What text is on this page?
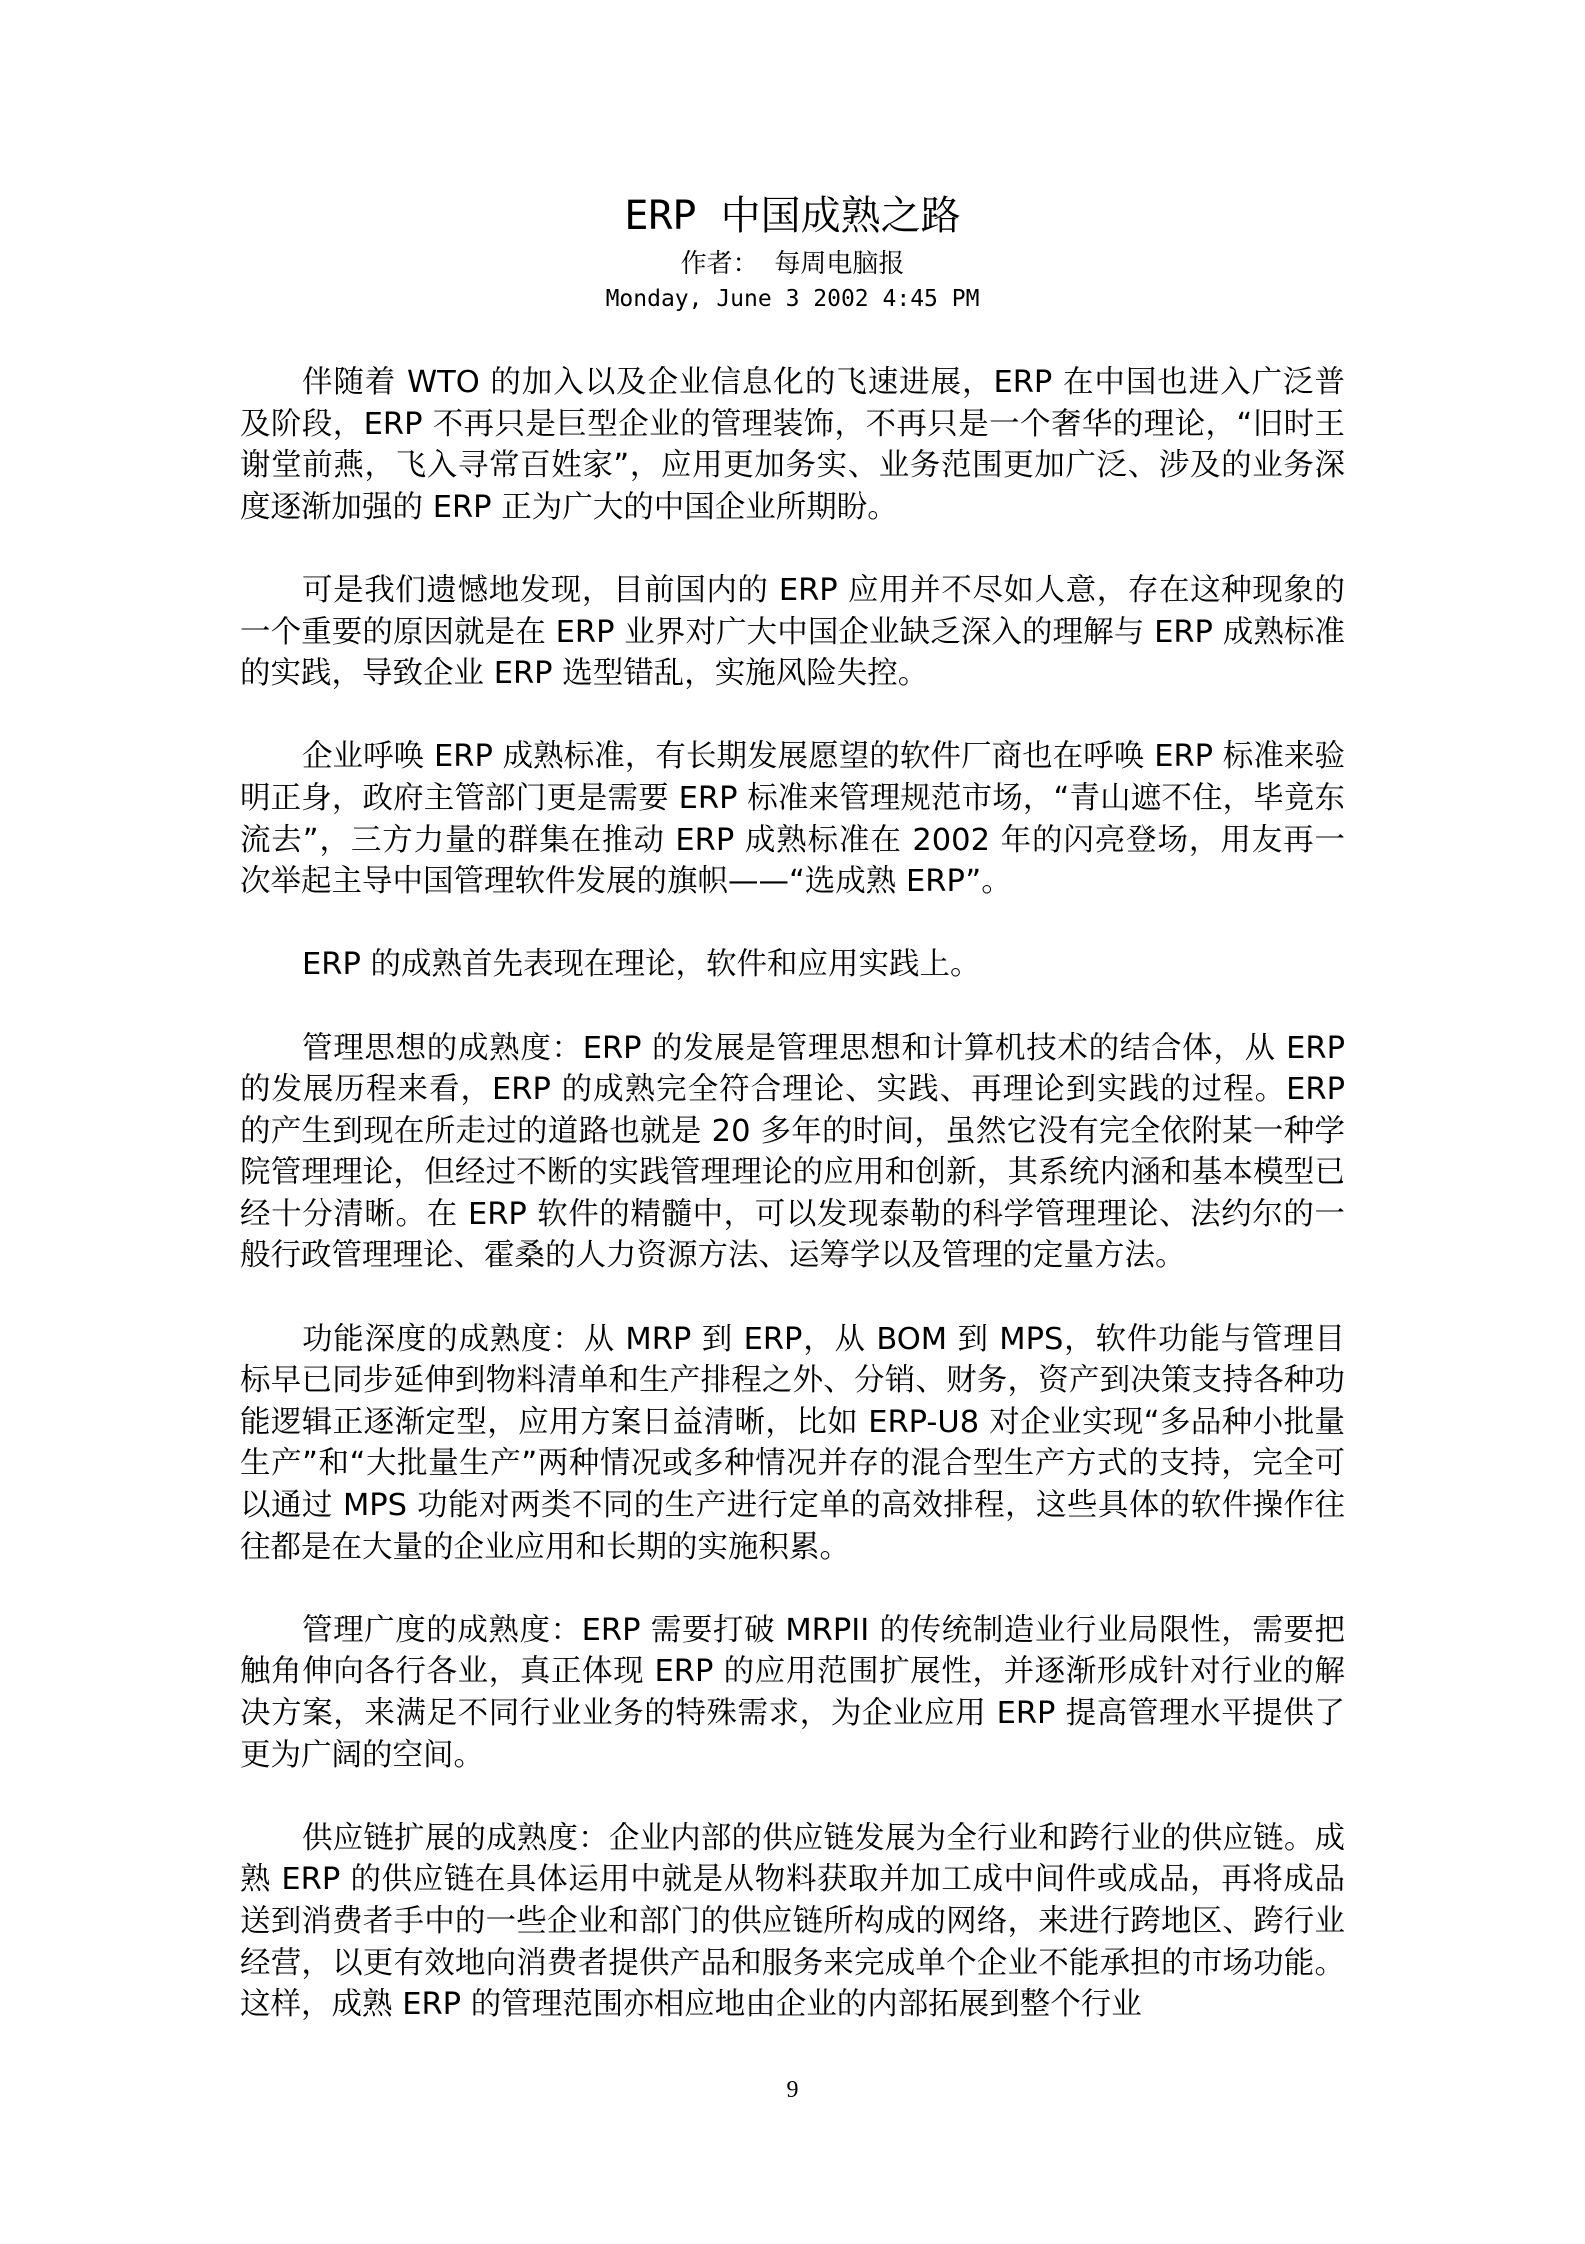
ERP 中国成熟之路
作者： 每周电脑报
Monday, June 3 2002 4:45 PM

伴随着 WTO 的加入以及企业信息化的飞速进展，ERP 在中国也进入广泛普及阶段，ERP 不再只是巨型企业的管理装饰，不再只是一个奢华的理论，“旧时王谢堂前燕，飞入寻常百姓家”，应用更加务实、业务范围更加广泛、涉及的业务深度逐渐加强的 ERP 正为广大的中国企业所期盼。

可是我们遗憾地发现，目前国内的 ERP 应用并不尽如人意，存在这种现象的一个重要的原因就是在 ERP 业界对广大中国企业缺乏深入的理解与 ERP 成熟标准的实践，导致企业 ERP 选型错乱，实施风险失控。

企业呼唤 ERP 成熟标准，有长期发展愿望的软件厂商也在呼唤 ERP 标准来验明正身，政府主管部门更是需要 ERP 标准来管理规范市场，“青山遮不住，毕竟东流去”，三方力量的群集在推动 ERP 成熟标准在 2002 年的闪亮登场，用友再一次举起主导中国管理软件发展的旗帜——“选成熟 ERP”。

ERP 的成熟首先表现在理论，软件和应用实践上。

管理思想的成熟度：ERP 的发展是管理思想和计算机技术的结合体，从 ERP 的发展历程来看，ERP 的成熟完全符合理论、实践、再理论到实践的过程。ERP 的产生到现在所走过的道路也就是 20 多年的时间，虽然它没有完全依附某一种学院管理理论，但经过不断的实践管理理论的应用和创新，其系统内涵和基本模型已经十分清晰。在 ERP 软件的精髓中，可以发现泰勒的科学管理理论、法约尔的一般行政管理理论、霍桑的人力资源方法、运筹学以及管理的定量方法。

功能深度的成熟度：从 MRP 到 ERP，从 BOM 到 MPS，软件功能与管理目标早已同步延伸到物料清单和生产排程之外、分销、财务，资产到决策支持各种功能逻辑正逐渐定型，应用方案日益清晰，比如 ERP-U8 对企业实现“多品种小批量生产”和“大批量生产”两种情况或多种情况并存的混合型生产方式的支持，完全可以通过 MPS 功能对两类不同的生产进行定单的高效排程，这些具体的软件操作往往都是在大量的企业应用和长期的实施积累。

管理广度的成熟度：ERP 需要打破 MRPII 的传统制造业行业局限性，需要把触角伸向各行各业，真正体现 ERP 的应用范围扩展性，并逐渐形成针对行业的解决方案，来满足不同行业业务的特殊需求，为企业应用 ERP 提高管理水平提供了更为广阔的空间。

供应链扩展的成熟度：企业内部的供应链发展为全行业和跨行业的供应链。成熟 ERP 的供应链在具体运用中就是从物料获取并加工成中间件或成品，再将成品送到消费者手中的一些企业和部门的供应链所构成的网络，来进行跨地区、跨行业经营，以更有效地向消费者提供产品和服务来完成单个企业不能承担的市场功能。这样，成熟 ERP 的管理范围亦相应地由企业的内部拓展到整个行业

9
